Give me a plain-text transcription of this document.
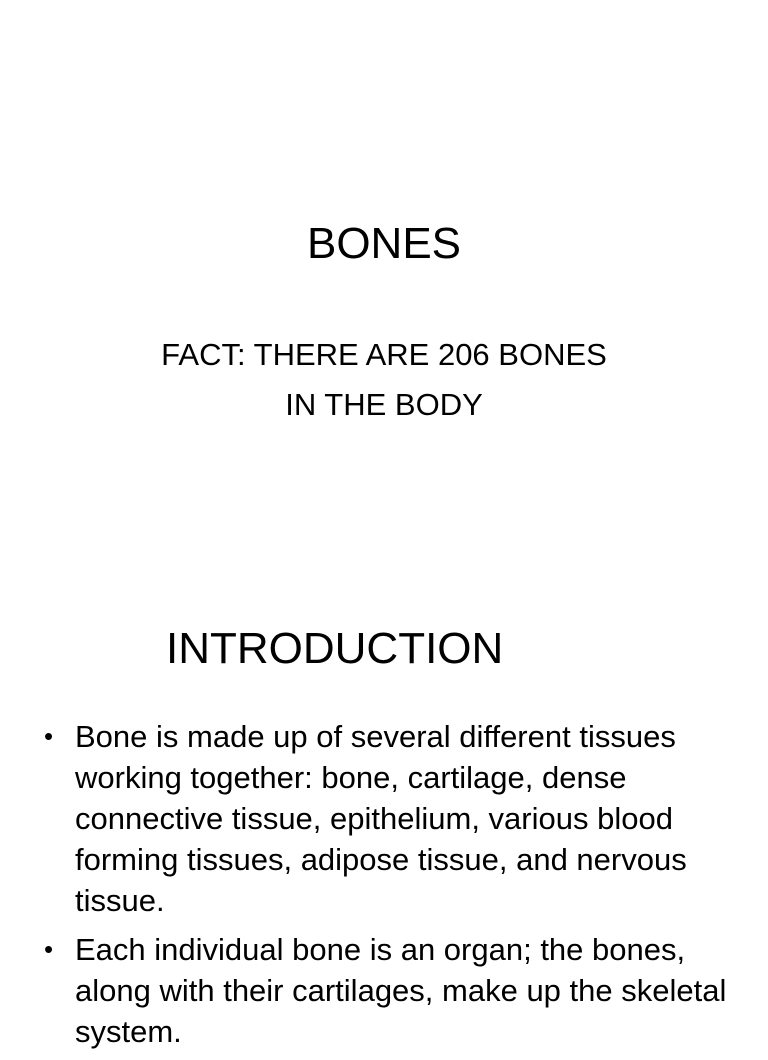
BONES
FACT: THERE ARE 206 BONES
IN THE BODY
INTRODUCTION
• Bone is made up of several different tissues working together: bone, cartilage, dense connective tissue, epithelium, various blood forming tissues, adipose tissue, and nervous tissue.
• Each individual bone is an organ; the bones, along with their cartilages, make up the skeletal system.
